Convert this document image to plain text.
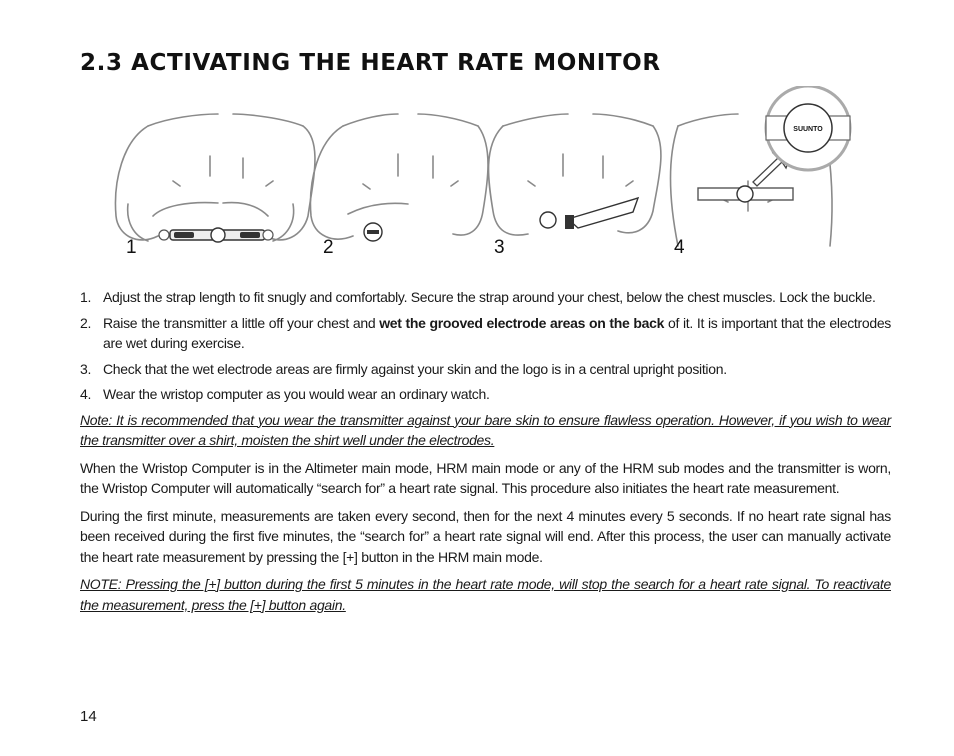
2.3 ACTIVATING THE HEART RATE MONITOR
1	2	3
SUUNTO
4
1. Adjust the strap length to fit snugly and comfortably. Secure the strap around your chest, below the chest muscles. Lock the buckle.
2. Raise the transmitter a little off your chest and wet the grooved electrode areas on the back of it. It is important that the electrodes are wet during exercise.
3. Check that the wet electrode areas are firmly against your skin and the logo is in a central upright position.
4. Wear the wristop computer as you would wear an ordinary watch.

Note: It is recommended that you wear the transmitter against your bare skin to ensure flawless operation. However, if you wish to wear the transmitter over a shirt, moisten the shirt well under the electrodes.

When the Wristop Computer is in the Altimeter main mode, HRM main mode or any of the HRM sub modes and the transmitter is worn, the Wristop Computer will automatically “search for” a heart rate signal. This procedure also initiates the heart rate measurement.

During the first minute, measurements are taken every second, then for the next 4 minutes every 5 seconds. If no heart rate signal has been received during the first five minutes, the “search for” a heart rate signal will end. After this process, the user can manually activate the heart rate measurement by pressing the [+] button in the HRM main mode.

NOTE: Pressing the [+] button during the first 5 minutes in the heart rate mode, will stop the search for a heart rate signal. To reactivate the measurement, press the [+] button again.

14
